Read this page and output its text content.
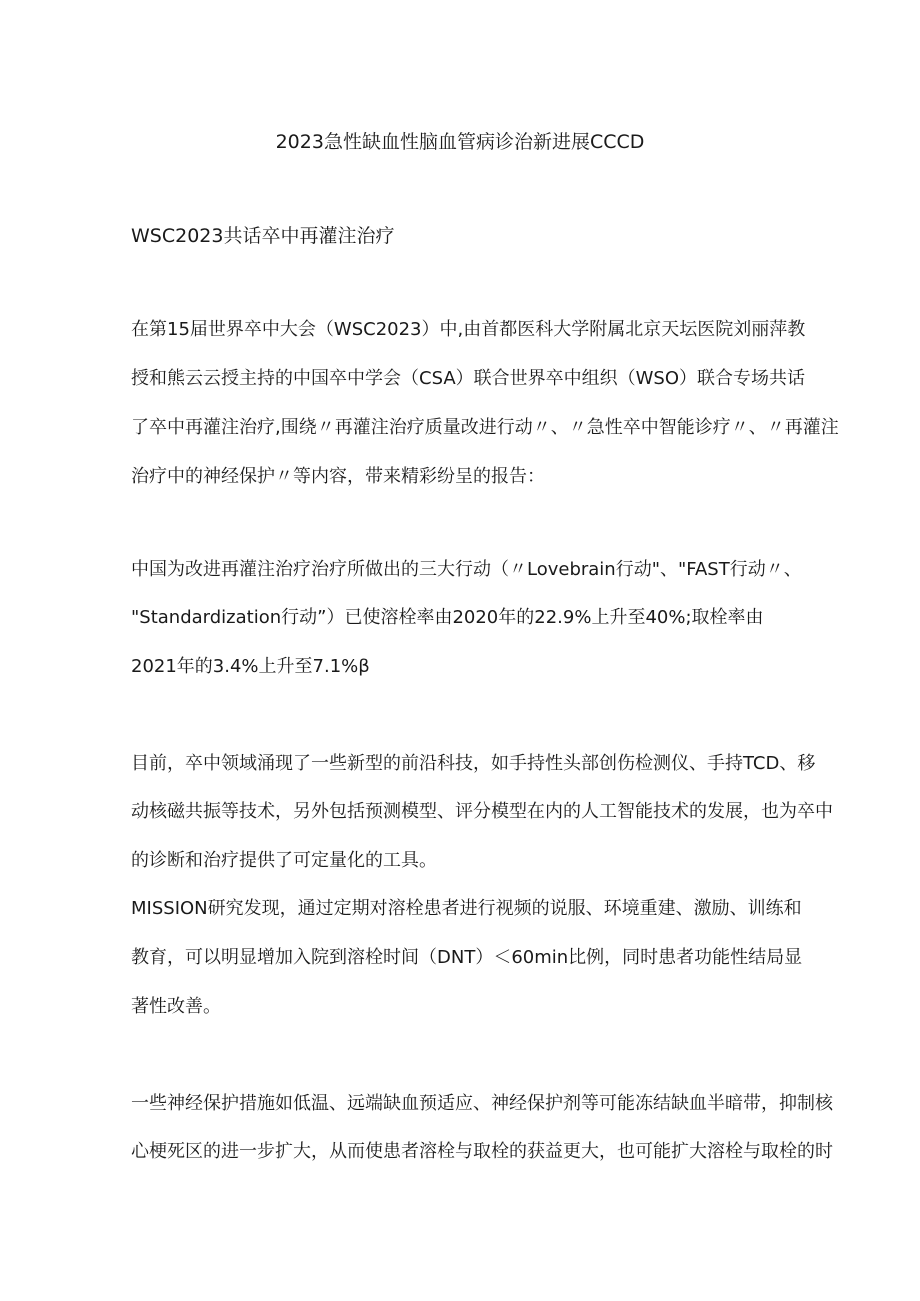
2023急性缺血性脑血管病诊治新进展CCCD
WSC2023共话卒中再灌注治疗

在第15届世界卒中大会（WSC2023）中,由首都医科大学附属北京天坛医院刘丽萍教

授和熊云云授主持的中国卒中学会（CSA）联合世界卒中组织（WSO）联合专场共话

了卒中再灌注治疗,围绕〃再灌注治疗质量改进行动〃、〃急性卒中智能诊疗〃、〃再灌注

治疗中的神经保护〃等内容，带来精彩纷呈的报告：

中国为改进再灌注治疗治疗所做出的三大行动（〃Lovebrain行动"、"FAST行动〃、

"Standardization行动”）已使溶栓率由2020年的22.9%上升至40%;取栓率由

2021年的3.4%上升至7.1%β

目前，卒中领域涌现了一些新型的前沿科技，如手持性头部创伤检测仪、手持TCD、移

动核磁共振等技术，另外包括预测模型、评分模型在内的人工智能技术的发展，也为卒中

的诊断和治疗提供了可定量化的工具。

MISSION研究发现，通过定期对溶栓患者进行视频的说服、环境重建、激励、训练和

教育，可以明显增加入院到溶栓时间（DNT）＜60min比例，同时患者功能性结局显

著性改善。

一些神经保护措施如低温、远端缺血预适应、神经保护剂等可能冻结缺血半暗带，抑制核

心梗死区的进一步扩大，从而使患者溶栓与取栓的获益更大，也可能扩大溶栓与取栓的时
